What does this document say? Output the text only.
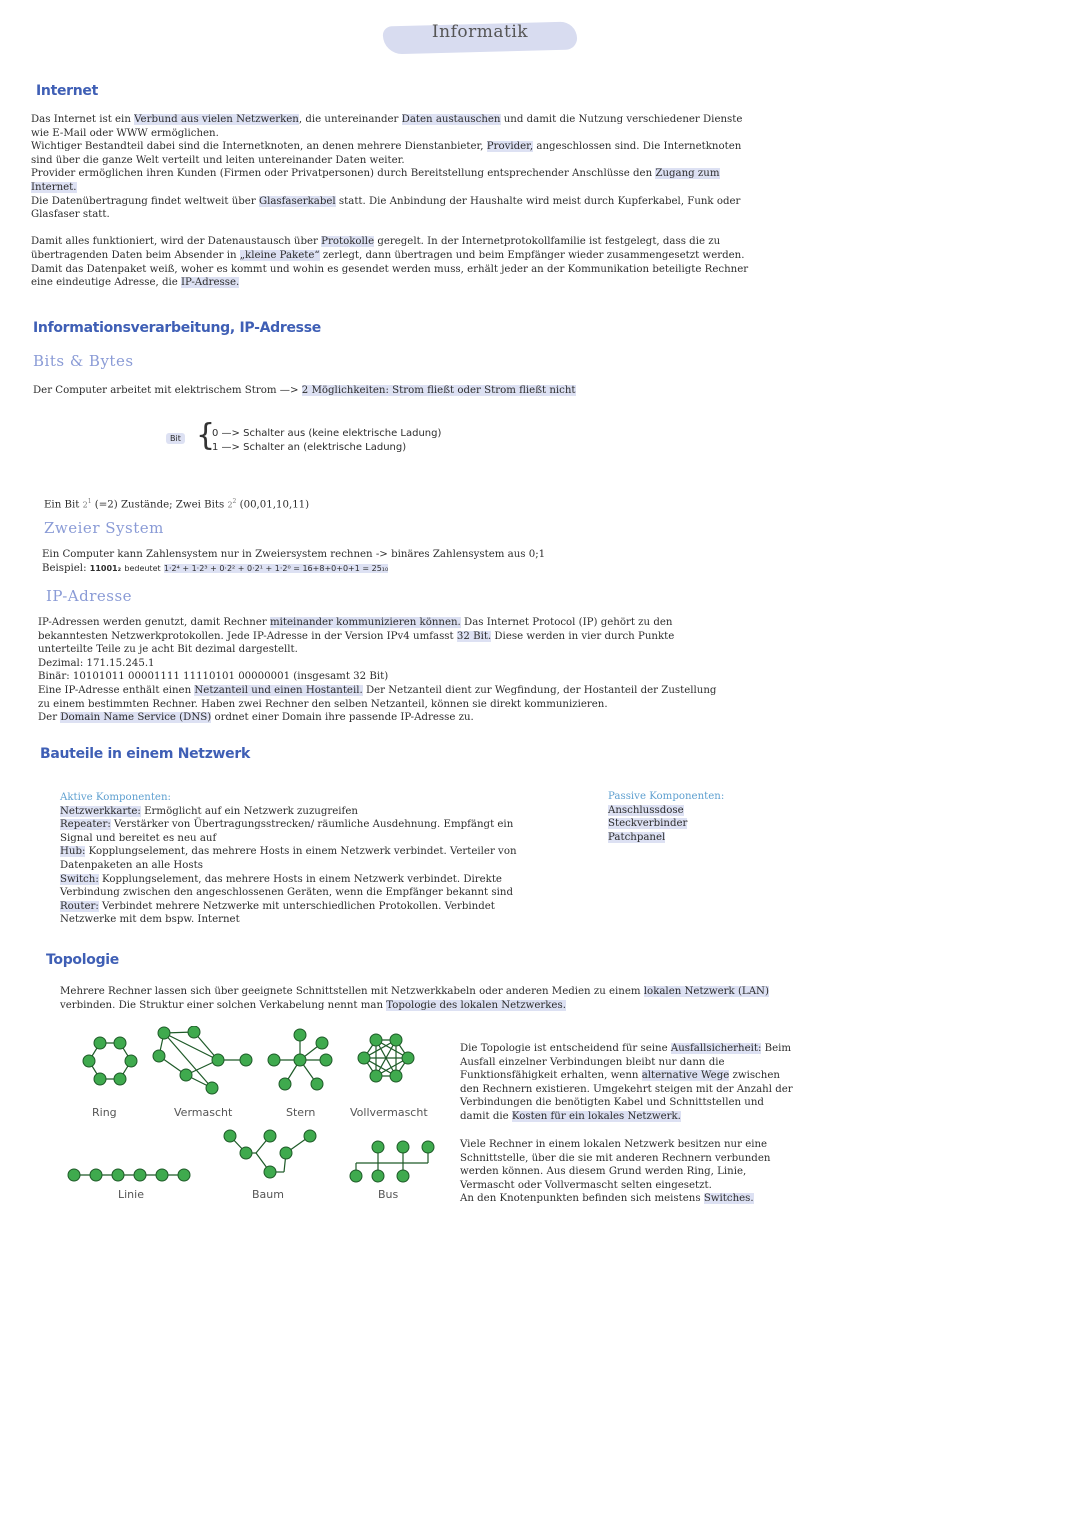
Informatik
Internet

Das Internet ist ein Verbund aus vielen Netzwerken, die untereinander Daten austauschen und damit die Nutzung verschiedener Dienste

wie E-Mail oder WWW ermöglichen.

Wichtiger Bestandteil dabei sind die Internetknoten, an denen mehrere Dienstanbieter, Provider, angeschlossen sind. Die Internetknoten

sind über die ganze Welt verteilt und leiten untereinander Daten weiter.

Provider ermöglichen ihren Kunden (Firmen oder Privatpersonen) durch Bereitstellung entsprechender Anschlüsse den Zugang zum

Internet.

Die Datenübertragung findet weltweit über Glasfaserkabel statt. Die Anbindung der Haushalte wird meist durch Kupferkabel, Funk oder

Glasfaser statt.

Damit alles funktioniert, wird der Datenaustausch über Protokolle geregelt. In der Internetprotokollfamilie ist festgelegt, dass die zu

übertragenden Daten beim Absender in „kleine Pakete“ zerlegt, dann übertragen und beim Empfänger wieder zusammengesetzt werden.

Damit das Datenpaket weiß, woher es kommt und wohin es gesendet werden muss, erhält jeder an der Kommunikation beteiligte Rechner

eine eindeutige Adresse, die IP-Adresse.

Informationsverarbeitung, IP-Adresse
Bits & Bytes
Der Computer arbeitet mit elektrischem Strom —> 2 Möglichkeiten: Strom fließt oder Strom fließt nicht
Bit {

0 —> Schalter aus (keine elektrische Ladung)

1 —> Schalter an (elektrische Ladung)

Ein Bit $2^1$ (=2) Zustände; Zwei Bits $2^2$ (00,01,10,11)
Zweier System

Ein Computer kann Zahlensystem nur in Zweiersystem rechnen -> binäres Zahlensystem aus 0;1

Beispiel: 11001₂ bedeutet 1·2⁴ + 1·2³ + 0·2² + 0·2¹ + 1·2⁰ = 16+8+0+0+1 = 25₁₀

IP-Adresse

IP-Adressen werden genutzt, damit Rechner miteinander kommunizieren können. Das Internet Protocol (IP) gehört zu den

bekanntesten Netzwerkprotokollen. Jede IP-Adresse in der Version IPv4 umfasst 32 Bit. Diese werden in vier durch Punkte

unterteilte Teile zu je acht Bit dezimal dargestellt.

Dezimal: 171.15.245.1

Binär: 10101011 00001111 11110101 00000001 (insgesamt 32 Bit)

Eine IP-Adresse enthält einen Netzanteil und einen Hostanteil. Der Netzanteil dient zur Wegfindung, der Hostanteil der Zustellung

zu einem bestimmten Rechner. Haben zwei Rechner den selben Netzanteil, können sie direkt kommunizieren.

Der Domain Name Service (DNS) ordnet einer Domain ihre passende IP-Adresse zu.

Bauteile in einem Netzwerk

Aktive Komponenten:

Netzwerkkarte: Ermöglicht auf ein Netzwerk zuzugreifen

Repeater: Verstärker von Übertragungsstrecken/ räumliche Ausdehnung. Empfängt ein

Signal und bereitet es neu auf

Hub: Kopplungselement, das mehrere Hosts in einem Netzwerk verbindet. Verteiler von

Datenpaketen an alle Hosts

Switch: Kopplungselement, das mehrere Hosts in einem Netzwerk verbindet. Direkte

Verbindung zwischen den angeschlossenen Geräten, wenn die Empfänger bekannt sind

Router: Verbindet mehrere Netzwerke mit unterschiedlichen Protokollen. Verbindet

Netzwerke mit dem bspw. Internet

Passive Komponenten:

Anschlussdose

Steckverbinder

Patchpanel

Topologie

Mehrere Rechner lassen sich über geeignete Schnittstellen mit Netzwerkkabeln oder anderen Medien zu einem lokalen Netzwerk (LAN)

verbinden. Die Struktur einer solchen Verkabelung nennt man Topologie des lokalen Netzwerkes.

Ring	Vermascht	Stern	Vollvermascht
Linie	Baum	Bus

Die Topologie ist entscheidend für seine Ausfallsicherheit: Beim

Ausfall einzelner Verbindungen bleibt nur dann die

Funktionsfähigkeit erhalten, wenn alternative Wege zwischen

den Rechnern existieren. Umgekehrt steigen mit der Anzahl der

Verbindungen die benötigten Kabel und Schnittstellen und

damit die Kosten für ein lokales Netzwerk.

Viele Rechner in einem lokalen Netzwerk besitzen nur eine

Schnittstelle, über die sie mit anderen Rechnern verbunden

werden können. Aus diesem Grund werden Ring, Linie,

Vermascht oder Vollvermascht selten eingesetzt.

An den Knotenpunkten befinden sich meistens Switches.
